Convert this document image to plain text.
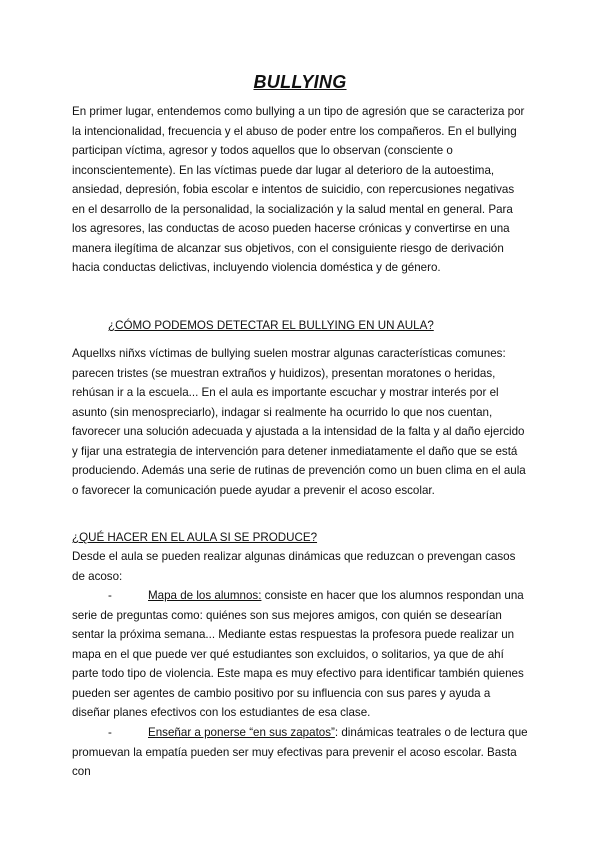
BULLYING

En primer lugar, entendemos como bullying a un tipo de agresión que se caracteriza por la intencionalidad, frecuencia y el abuso de poder entre los compañeros. En el bullying participan víctima, agresor y todos aquellos que lo observan (consciente o inconscientemente). En las víctimas puede dar lugar al deterioro de la autoestima, ansiedad, depresión, fobia escolar e intentos de suicidio, con repercusiones negativas en el desarrollo de la personalidad, la socialización y la salud mental en general. Para los agresores, las conductas de acoso pueden hacerse crónicas y convertirse en una manera ilegítima de alcanzar sus objetivos, con el consiguiente riesgo de derivación hacia conductas delictivas, incluyendo violencia doméstica y de género.

¿CÓMO PODEMOS DETECTAR EL BULLYING EN UN AULA?

Aquellxs niñxs víctimas de bullying suelen mostrar algunas características comunes: parecen tristes (se muestran extraños y huidizos), presentan moratones o heridas, rehúsan ir a la escuela... En el aula es importante escuchar y mostrar interés por el asunto (sin menospreciarlo), indagar si realmente ha ocurrido lo que nos cuentan, favorecer una solución adecuada y ajustada a la intensidad de la falta y al daño ejercido y fijar una estrategia de intervención para detener inmediatamente el daño que se está produciendo. Además una serie de rutinas de prevención como un buen clima en el aula o favorecer la comunicación puede ayudar a prevenir el acoso escolar.

¿QUÉ HACER EN EL AULA SI SE PRODUCE?

Desde el aula se pueden realizar algunas dinámicas que reduzcan o prevengan casos de acoso:

-	Mapa de los alumnos: consiste en hacer que los alumnos respondan una serie de preguntas como: quiénes son sus mejores amigos, con quién se desearían sentar la próxima semana... Mediante estas respuestas la profesora puede realizar un mapa en el que puede ver qué estudiantes son excluidos, o solitarios, ya que de ahí parte todo tipo de violencia. Este mapa es muy efectivo para identificar también quienes pueden ser agentes de cambio positivo por su influencia con sus pares y ayuda a diseñar planes efectivos con los estudiantes de esa clase.

-	Enseñar a ponerse “en sus zapatos”: dinámicas teatrales o de lectura que promuevan la empatía pueden ser muy efectivas para prevenir el acoso escolar. Basta con
